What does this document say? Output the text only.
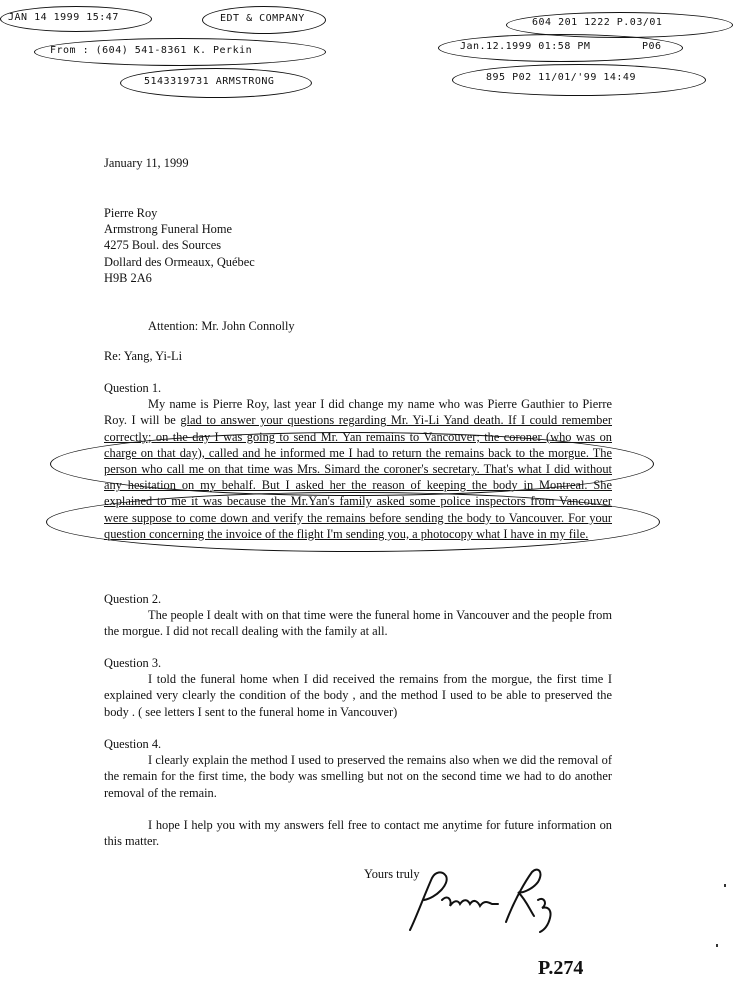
JAN 14 1999 15:47	EDT & COMPANY	604 201 1222 P.03/01
From : (604) 541-8361 K. Perkin	Jan.12.1999 01:58 PM	P06
5143319731 ARMSTRONG	895 P02 11/01/'99 14:49
January 11, 1999
Pierre Roy
Armstrong Funeral Home
4275 Boul. des Sources
Dollard des Ormeaux, Québec
H9B 2A6
Attention: Mr. John Connolly
Re: Yang, Yi-Li
Question 1.
My name is Pierre Roy, last year I did change my name who was Pierre Gauthier to Pierre Roy. I will be glad to answer your questions regarding Mr. Yi-Li Yand death. If I could remember correctly; on the day I was going to send Mr. Yan remains to Vancouver; the coroner (who was on charge on that day), called and he informed me I had to return the remains back to the morgue. The person who call me on that time was Mrs. Simard the coroner's secretary. That's what I did without any hesitation on my behalf. But I asked her the reason of keeping the body in Montreal. She explained to me it was because the Mr.Yan's family asked some police inspectors from Vancouver were suppose to come down and verify the remains before sending the body to Vancouver. For your question concerning the invoice of the flight I'm sending you, a photocopy what I have in my file.
Question 2.
The people I dealt with on that time were the funeral home in Vancouver and the people from the morgue. I did not recall dealing with the family at all.
Question 3.
I told the funeral home when I did received the remains from the morgue, the first time I explained very clearly the condition of the body , and the method I used to be able to preserved the body . ( see letters I sent to the funeral home in Vancouver)
Question 4.
I clearly explain the method I used to preserved the remains also when we did the removal of the remain for the first time, the body was smelling but not on the second time we had to do another removal of the remain.
I hope I help you with my answers fell free to contact me anytime for future information on this matter.
Yours truly
P.274
